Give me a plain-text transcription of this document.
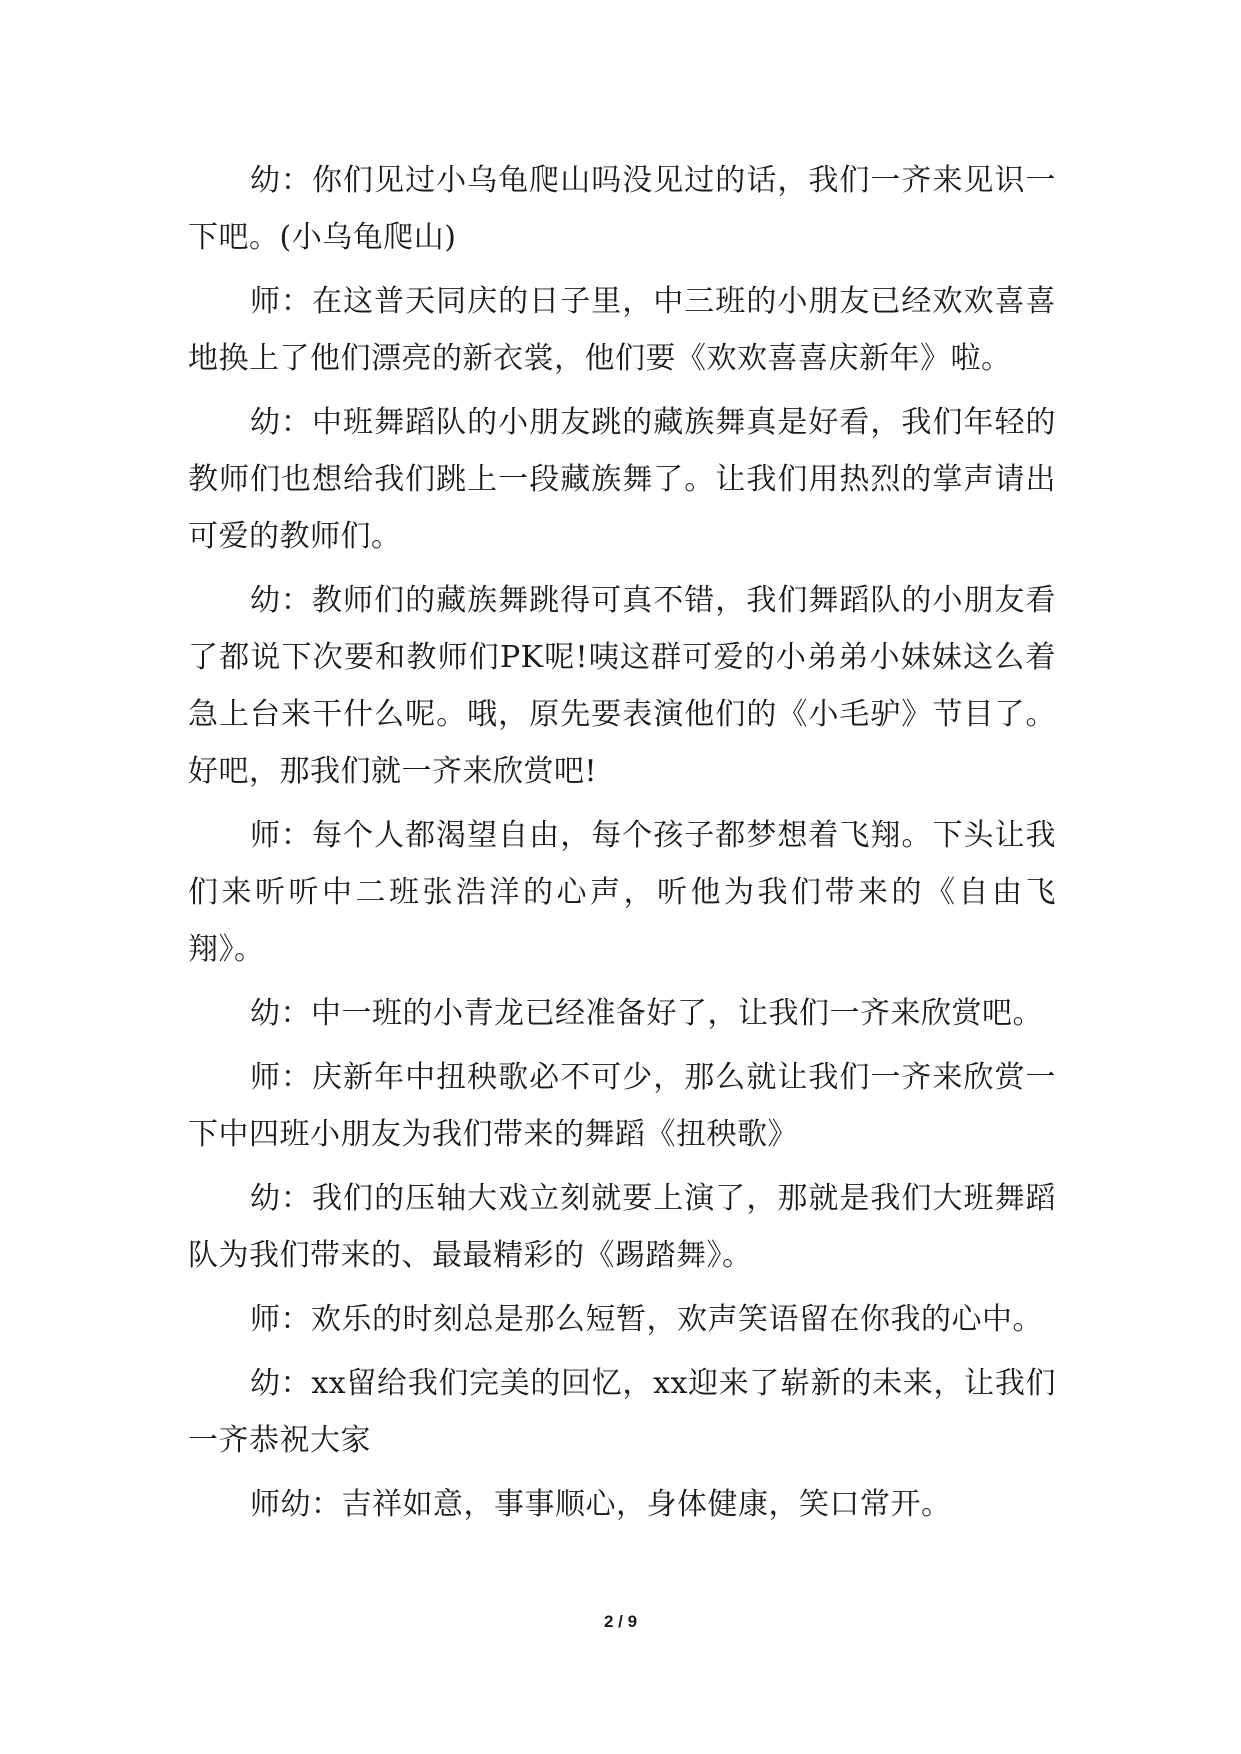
幼：你们见过小乌龟爬山吗没见过的话，我们一齐来见识一下吧。(小乌龟爬山)

师：在这普天同庆的日子里，中三班的小朋友已经欢欢喜喜地换上了他们漂亮的新衣裳，他们要《欢欢喜喜庆新年》啦。

幼：中班舞蹈队的小朋友跳的藏族舞真是好看，我们年轻的教师们也想给我们跳上一段藏族舞了。让我们用热烈的掌声请出可爱的教师们。

幼：教师们的藏族舞跳得可真不错，我们舞蹈队的小朋友看了都说下次要和教师们PK呢!咦这群可爱的小弟弟小妹妹这么着急上台来干什么呢。哦，原先要表演他们的《小毛驴》节目了。好吧，那我们就一齐来欣赏吧!

师：每个人都渴望自由，每个孩子都梦想着飞翔。下头让我们来听听中二班张浩洋的心声，听他为我们带来的《自由飞翔》。

幼：中一班的小青龙已经准备好了，让我们一齐来欣赏吧。

师：庆新年中扭秧歌必不可少，那么就让我们一齐来欣赏一下中四班小朋友为我们带来的舞蹈《扭秧歌》

幼：我们的压轴大戏立刻就要上演了，那就是我们大班舞蹈队为我们带来的、最最精彩的《踢踏舞》。

师：欢乐的时刻总是那么短暂，欢声笑语留在你我的心中。

幼：xx留给我们完美的回忆，xx迎来了崭新的未来，让我们一齐恭祝大家

师幼：吉祥如意，事事顺心，身体健康，笑口常开。

2 / 9
